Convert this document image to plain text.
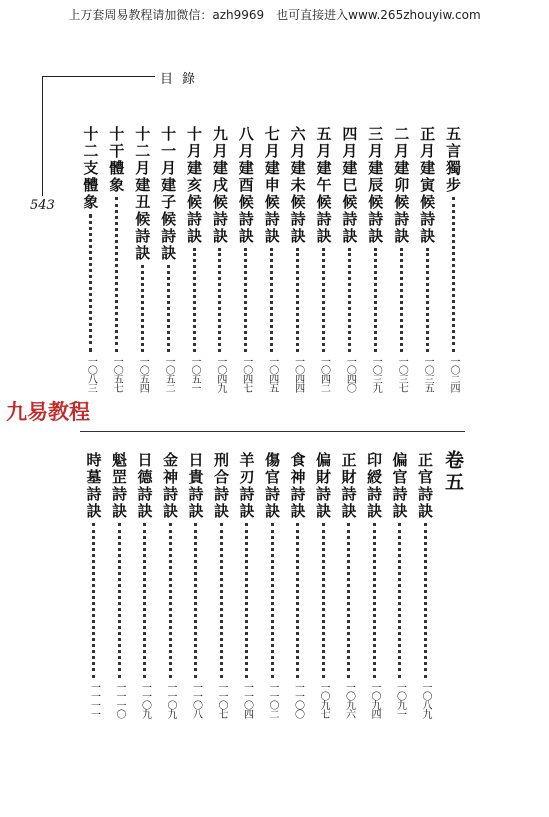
上万套周易教程请加微信：azh9969　也可直接进入www.265zhouyiw.com
目錄
543
九易教程
五言獨步
一〇二四
正月建寅候詩訣
一〇三五
二月建卯候詩訣
一〇三七
三月建辰候詩訣
一〇三九
四月建巳候詩訣
一〇四〇
五月建午候詩訣
一〇四二
六月建未候詩訣
一〇四四
七月建申候詩訣
一〇四五
八月建酉候詩訣
一〇四七
九月建戌候詩訣
一〇四九
十月建亥候詩訣
一〇五一
十一月建子候詩訣
一〇五二
十二月建丑候詩訣
一〇五四
十干體象
一〇五七
十二支體象
一〇八三
卷五
正官詩訣
一〇八九
偏官詩訣
一〇九一
印綬詩訣
一〇九四
正財詩訣
一〇九六
偏財詩訣
一〇九七
食神詩訣
一一〇〇
傷官詩訣
一一〇二
羊刃詩訣
一一〇四
刑合詩訣
一一〇七
日貴詩訣
一一〇八
金神詩訣
一一〇九
日德詩訣
一一〇九
魁罡詩訣
一一一〇
時墓詩訣
一一一一
